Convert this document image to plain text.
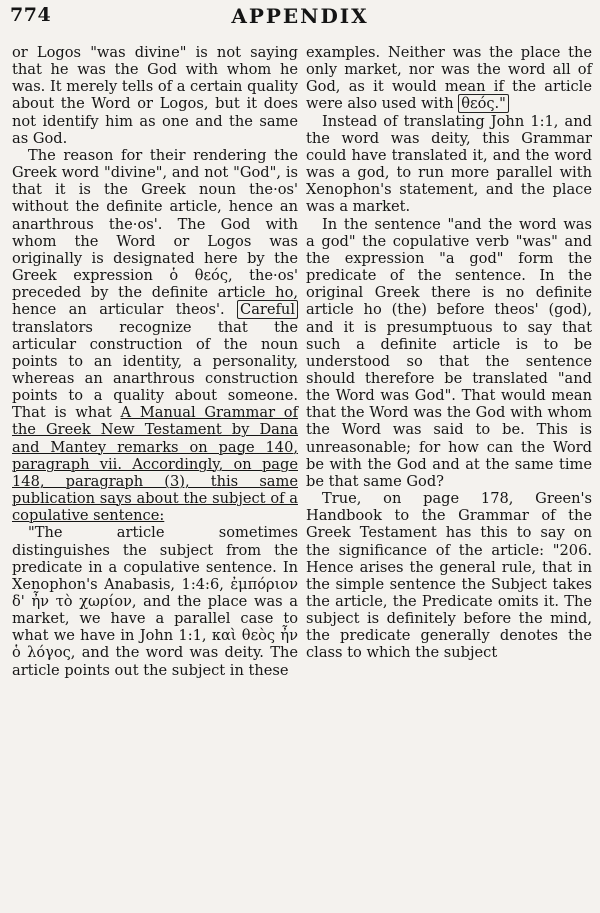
774	APPENDIX

or Logos "was divine" is not saying that he was the God with whom he was. It merely tells of a certain quality about the Word or Logos, but it does not identify him as one and the same as God.

The reason for their rendering the Greek word "divine", and not "God", is that it is the Greek noun the·os' without the definite article, hence an anarthrous the·os'. The God with whom the Word or Logos was originally is designated here by the Greek expression ὁ θεός, the·os' preceded by the definite article ho, hence an articular theos'. Careful translators recognize that the articular construction of the noun points to an identity, a personality, whereas an anarthrous construction points to a quality about someone. That is what A Manual Grammar of the Greek New Testament by Dana and Mantey remarks on page 140, paragraph vii. Accordingly, on page 148, paragraph (3), this same publication says about the subject of a copulative sentence:

"The article sometimes distinguishes the subject from the predicate in a copulative sentence. In Xenophon's Anabasis, 1:4:6, ἐμπόριον δ' ἦν τὸ χωρίον, and the place was a market, we have a parallel case to what we have in John 1:1, καὶ θεὸς ἦν ὁ λόγος, and the word was deity. The article points out the subject in these

examples. Neither was the place the only market, nor was the word all of God, as it would mean if the article were also used with θεός."

Instead of translating John 1:1, and the word was deity, this Grammar could have translated it, and the word was a god, to run more parallel with Xenophon's statement, and the place was a market.

In the sentence "and the word was a god" the copulative verb "was" and the expression "a god" form the predicate of the sentence. In the original Greek there is no definite article ho (the) before theos' (god), and it is presumptuous to say that such a definite article is to be understood so that the sentence should therefore be translated "and the Word was God". That would mean that the Word was the God with whom the Word was said to be. This is unreasonable; for how can the Word be with the God and at the same time be that same God?

True, on page 178, Green's Handbook to the Grammar of the Greek Testament has this to say on the significance of the article: "206. Hence arises the general rule, that in the simple sentence the Subject takes the article, the Predicate omits it. The subject is definitely before the mind, the predicate generally denotes the class to which the subject
